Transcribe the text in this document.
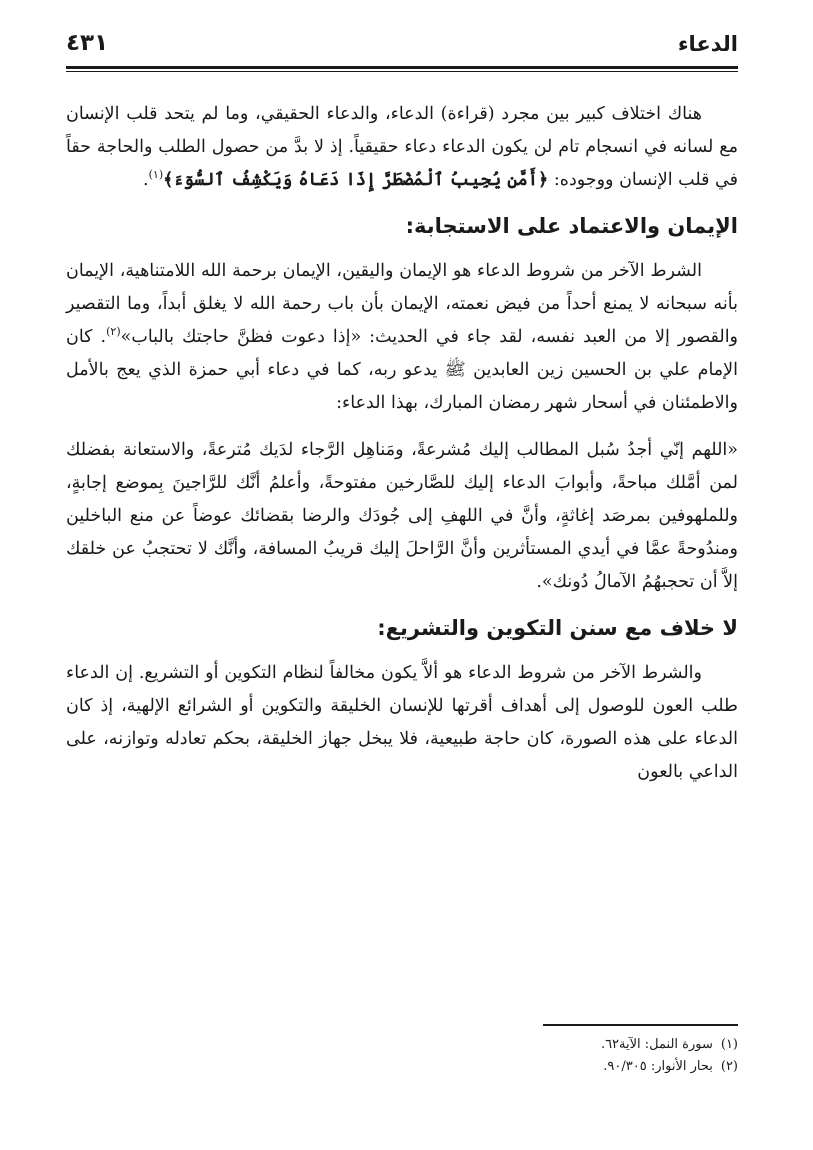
الدعاء
٤٣١

هناك اختلاف كبير بين مجرد (قراءة) الدعاء، والدعاء الحقيقي، وما لم يتحد قلب الإنسان مع لسانه في انسجام تام لن يكون الدعاء دعاء حقيقياً. إذ لا بدَّ من حصول الطلب والحاجة حقاً في قلب الإنسان ووجوده: ﴿أَمَّن يُجِيبُ ٱلْمُضْطَرَّ إِذَا دَعَاهُ وَيَكْشِفُ ٱلسُّوٓءَ﴾$^{(١)}$.

الإيمان والاعتماد على الاستجابة:

الشرط الآخر من شروط الدعاء هو الإيمان واليقين، الإيمان برحمة الله اللامتناهية، الإيمان بأنه سبحانه لا يمنع أحداً من فيض نعمته، الإيمان بأن باب رحمة الله لا يغلق أبداً، وما التقصير والقصور إلا من العبد نفسه، لقد جاء في الحديث: «إذا دعوت فظنَّ حاجتك بالباب»$^{(٢)}$. كان الإمام علي بن الحسين زين العابدين ﷺ يدعو ربه، كما في دعاء أبي حمزة الذي يعج بالأمل والاطمئنان في أسحار شهر رمضان المبارك، بهذا الدعاء:

«اللهم إنّي أجدُ سُبل المطالب إليك مُشرعةً، ومَناهِل الرَّجاء لدَيك مُترعةً، والاستعانة بفضلك لمن أمَّلك مباحةً، وأبوابَ الدعاء إليك للصَّارخين مفتوحةً، وأعلمُ أنَّك للرَّاجينَ بِموضع إجابةٍ، وللملهوفين بمرصَد إغاثةٍ، وأنَّ في اللهفِ إلى جُودَك والرضا بقضائك عوضاً عن منع الباخلين ومندُوحةً عمَّا في أيدي المستأثرين وأنَّ الرَّاحلَ إليك قريبُ المسافة، وأنَّك لا تحتجبُ عن خلقك إلاَّ أن تحجبهُمُ الآمالُ دُونك».

لا خلاف مع سنن التكوين والتشريع:

والشرط الآخر من شروط الدعاء هو ألاَّ يكون مخالفاً لنظام التكوين أو التشريع. إن الدعاء طلب العون للوصول إلى أهداف أقرتها للإنسان الخليقة والتكوين أو الشرائع الإلهية، إذ كان الدعاء على هذه الصورة، كان حاجة طبيعية، فلا يبخل جهاز الخليقة، بحكم تعادله وتوازنه، على الداعي بالعون

(١)سورة النمل: الآية٦٢.
(٢)بحار الأنوار: ٩٠/٣٠٥.
